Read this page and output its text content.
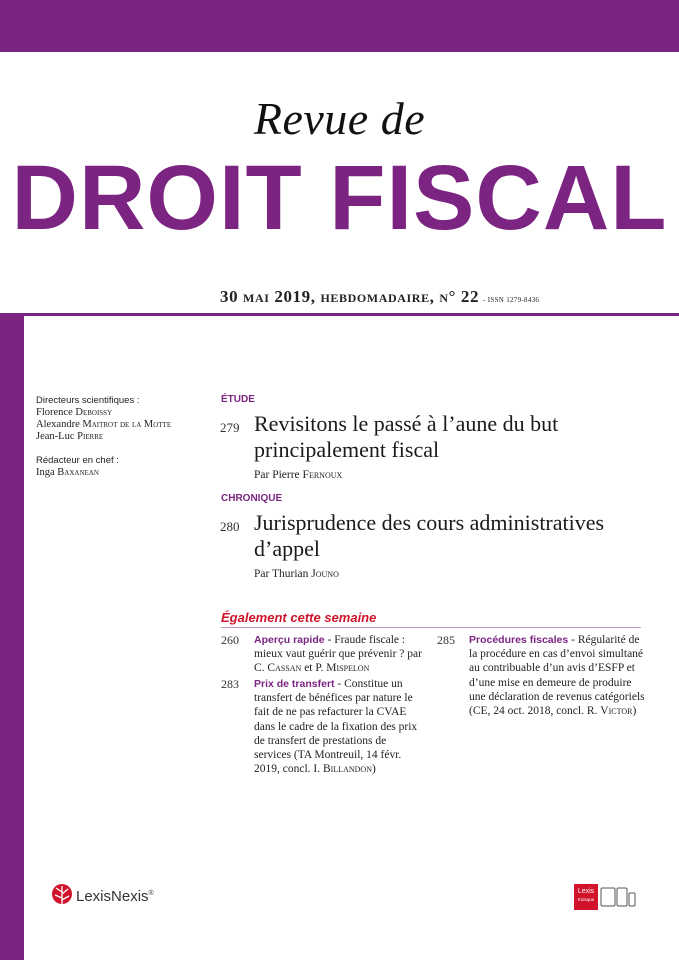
Revue de
DROIT FISCAL
30 mai 2019, hebdomadaire, n° 22 - ISSN 1279-8436
Directeurs scientifiques :
Florence Deboissy
Alexandre Maitrot de la Motte
Jean-Luc Pierre
Rédacteur en chef :
Inga Baxanean
ÉTUDE
279 Revisitons le passé à l’aune du but principalement fiscal
Par Pierre Fernoux
CHRONIQUE
280 Jurisprudence des cours administratives d’appel
Par Thurian Jouno
Également cette semaine
260 Aperçu rapide - Fraude fiscale : mieux vaut guérir que prévenir ? par C. Cassan et P. Mispelon
283 Prix de transfert - Constitue un transfert de bénéfices par nature le fait de ne pas refacturer la CVAE dans le cadre de la fixation des prix de transfert de prestations de services (TA Montreuil, 14 févr. 2019, concl. I. Billandon)
285 Procédures fiscales - Régularité de la procédure en cas d’envoi simultané au contribuable d’un avis d’ESFP et d’une mise en demeure de produire une déclaration de revenus catégoriels (CE, 24 oct. 2018, concl. R. Victor)
LexisNexis®	Lexis
Kiosque
